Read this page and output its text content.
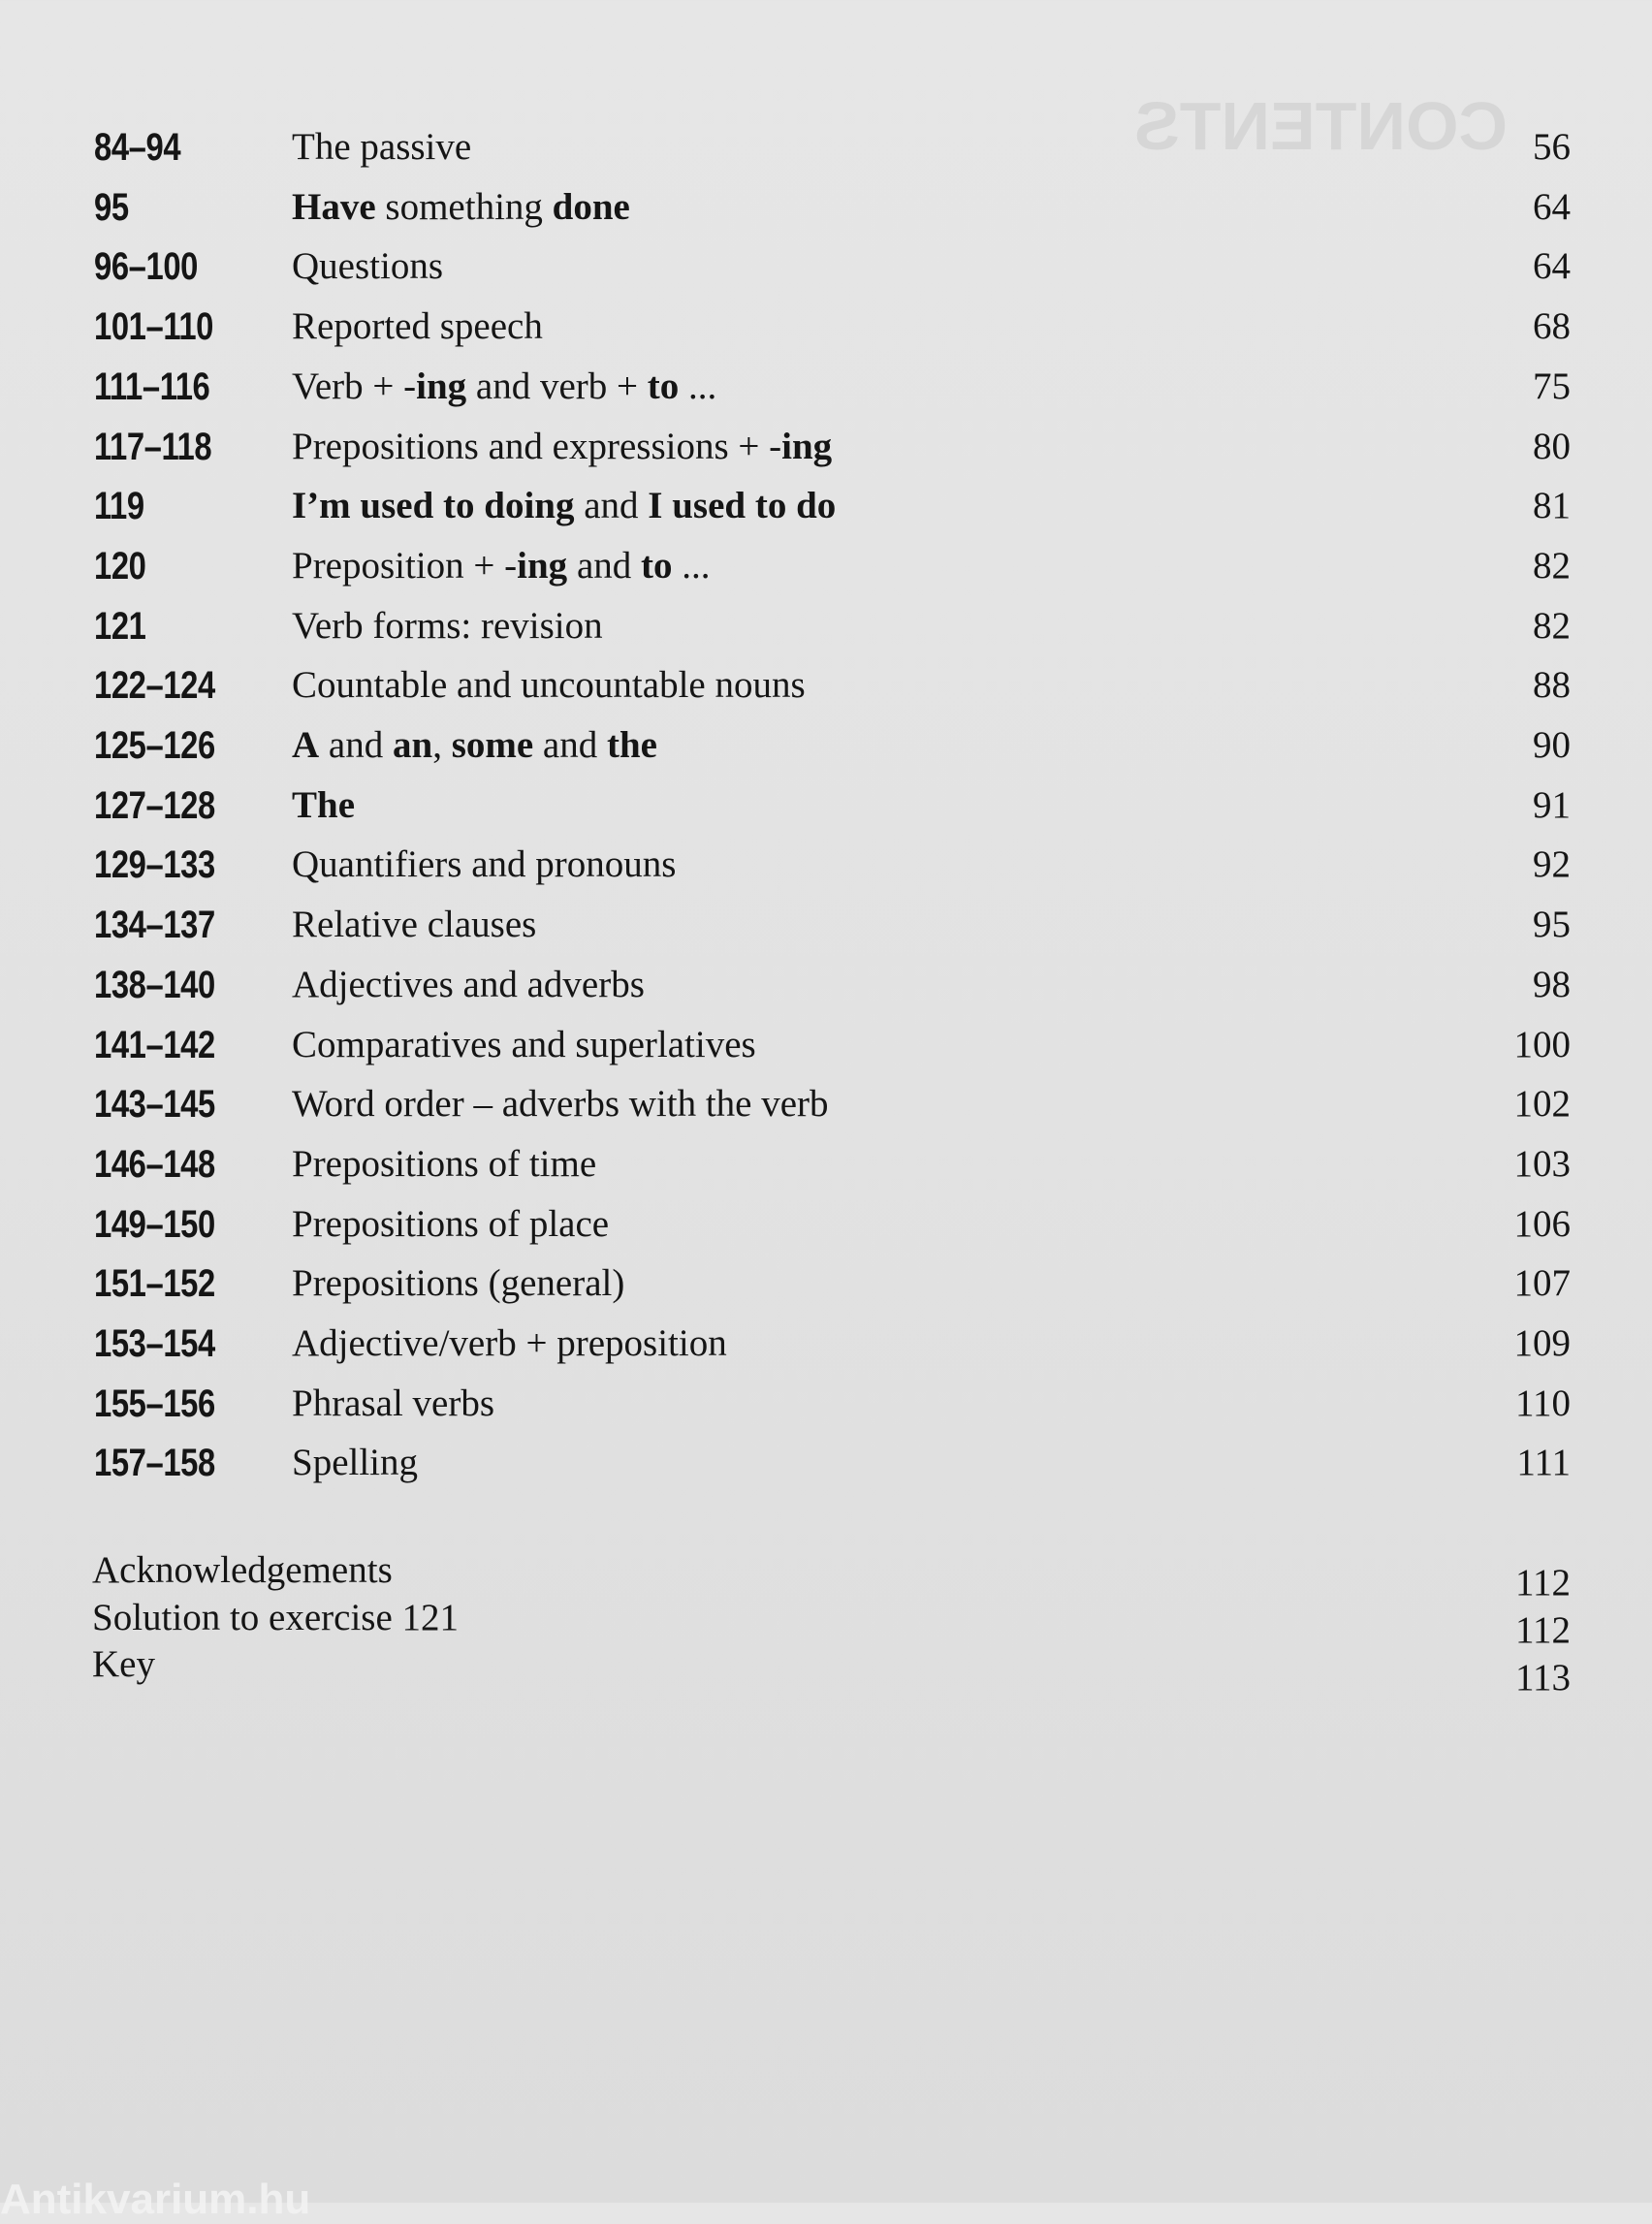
CONTENTS
84–94	The passive	56
95	Have something done	64
96–100 Questions	64
101–110 Reported speech	68
111–116 Verb + -ing and verb + to ...	75
117–118 Prepositions and expressions + -ing	80
119	I’m used to doing and I used to do	81
120	Preposition + -ing and to ...	82
121	Verb forms: revision	82
122–124 Countable and uncountable nouns	88
125–126 A and an, some and the	90
127–128 The	91
129–133 Quantifiers and pronouns	92
134–137 Relative clauses	95
138–140 Adjectives and adverbs	98
141–142 Comparatives and superlatives	100
143–145 Word order – adverbs with the verb	102
146–148 Prepositions of time	103
149–150 Prepositions of place	106
151–152 Prepositions (general)	107
153–154 Adjective/verb + preposition	109
155–156 Phrasal verbs	110
157–158 Spelling	111
Acknowledgements	112
Solution to exercise 121	112
Key	113
Antikvarium.hu
